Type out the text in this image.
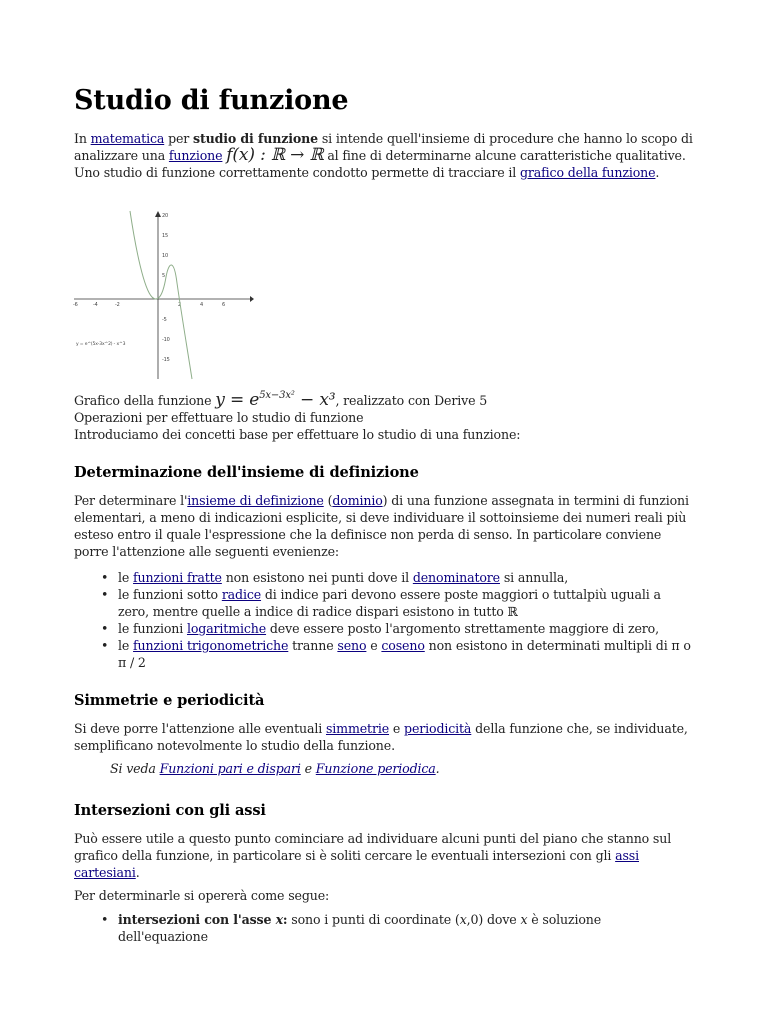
Studio di funzione

In matematica per studio di funzione si intende quell'insieme di procedure che hanno lo scopo di analizzare una funzione f(x) : ℝ → ℝ al fine di determinarne alcune caratteristiche qualitative. Uno studio di funzione correttamente condotto permette di tracciare il grafico della funzione.

-6	-4	-2	2	4	6
20
15
10
5
-5
-10
-15
y = e^(5x-3x^2) - x^3

Grafico della funzione $y = e^{5x-3x^2} - x^3$, realizzato con Derive 5

Operazioni per effettuare lo studio di funzione

Introduciamo dei concetti base per effettuare lo studio di una funzione:

Determinazione dell'insieme di definizione

Per determinare l'insieme di definizione (dominio) di una funzione assegnata in termini di funzioni elementari, a meno di indicazioni esplicite, si deve individuare il sottoinsieme dei numeri reali più esteso entro il quale l'espressione che la definisce non perda di senso. In particolare conviene porre l'attenzione alle seguenti evenienze:

• le funzioni fratte non esistono nei punti dove il denominatore si annulla,
• le funzioni sotto radice di indice pari devono essere poste maggiori o tuttalpiù uguali a zero, mentre quelle a indice di radice dispari esistono in tutto ℝ
• le funzioni logaritmiche deve essere posto l'argomento strettamente maggiore di zero,
• le funzioni trigonometriche tranne seno e coseno non esistono in determinati multipli di π o π / 2
Simmetrie e periodicità

Si deve porre l'attenzione alle eventuali simmetrie e periodicità della funzione che, se individuate, semplificano notevolmente lo studio della funzione.

Si veda Funzioni pari e dispari e Funzione periodica.

Intersezioni con gli assi

Può essere utile a questo punto cominciare ad individuare alcuni punti del piano che stanno sul grafico della funzione, in particolare si è soliti cercare le eventuali intersezioni con gli assi cartesiani.

Per determinarle si opererà come segue:

• intersezioni con l'asse x: sono i punti di coordinate (x,0) dove x è soluzione dell'equazione
